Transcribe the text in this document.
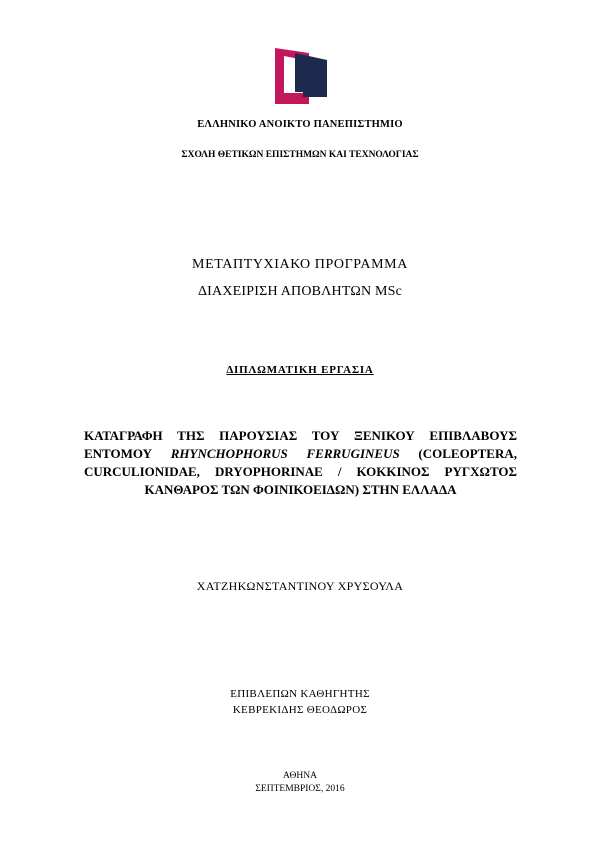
ΕΛΛΗΝΙΚΟ ΑΝΟΙΚΤΟ ΠΑΝΕΠΙΣΤΗΜΙΟ
ΣΧΟΛΗ ΘΕΤΙΚΩΝ ΕΠΙΣΤΗΜΩΝ ΚΑΙ ΤΕΧΝΟΛΟΓΙΑΣ
ΜΕΤΑΠΤΥΧΙΑΚΟ ΠΡΟΓΡΑΜΜΑ
ΔΙΑΧΕΙΡΙΣΗ ΑΠΟΒΛΗΤΩΝ MSc
ΔΙΠΛΩΜΑΤΙΚΗ ΕΡΓΑΣΙΑ
ΚΑΤΑΓΡΑΦΗ ΤΗΣ ΠΑΡΟΥΣΙΑΣ ΤΟΥ ΞΕΝΙΚΟΥ ΕΠΙΒΛΑΒΟΥΣ
ΕΝΤΟΜΟΥ RHYNCHOPHORUS FERRUGINEUS (COLEOPTERA,
CURCULIONIDAE, DRYOPHORINAE / ΚΟΚΚΙΝΟΣ ΡΥΓΧΩΤΟΣ
ΚΑΝΘΑΡΟΣ ΤΩΝ ΦΟΙΝΙΚΟΕΙΔΩΝ) ΣΤΗΝ ΕΛΛΑΔΑ
ΧΑΤΖΗΚΩΝΣΤΑΝΤΙΝΟΥ ΧΡΥΣΟΥΛΑ
ΕΠΙΒΛΕΠΩΝ ΚΑΘΗΓΗΤΗΣ
ΚΕΒΡΕΚΙΔΗΣ ΘΕΟΔΩΡΟΣ
ΑΘΗΝΑ
ΣΕΠΤΕΜΒΡΙΟΣ, 2016
